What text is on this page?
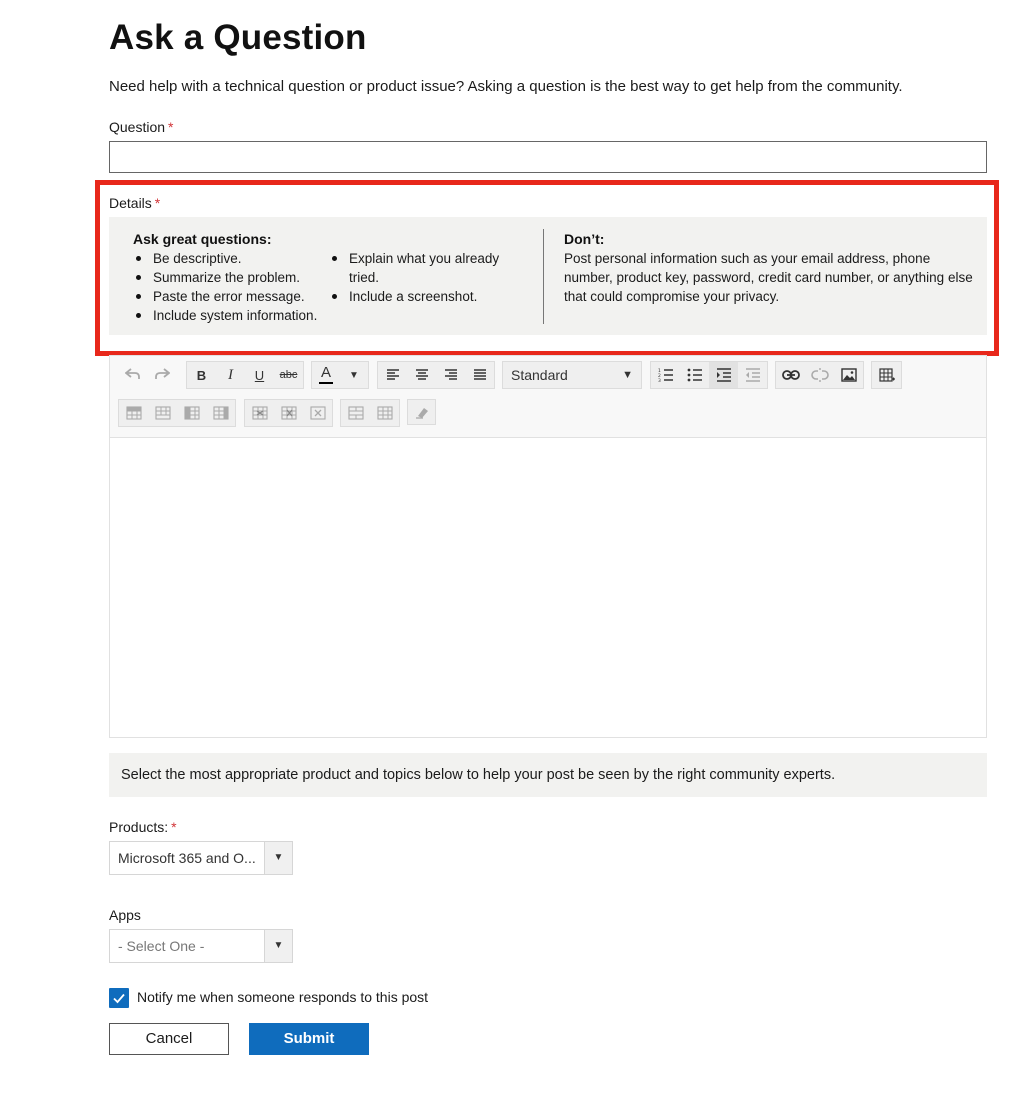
Ask a Question
Need help with a technical question or product issue? Asking a question is the best way to get help from the community.
Question *
Details *
Ask great questions:
Be descriptive.
Summarize the problem.
Paste the error message.
Include system information.
Explain what you already
tried.
Include a screenshot.
Don’t:
Post personal information such as your email address, phone number, product key, password, credit card number, or anything else that could compromise your privacy.
B	I	U	abc	A	▼	Standard	▼	1
2
3
Select the most appropriate product and topics below to help your post be seen by the right community experts.
Products: *
Microsoft 365 and O...	▼
Apps
- Select One -	▼
Notify me when someone responds to this post
Cancel	Submit
